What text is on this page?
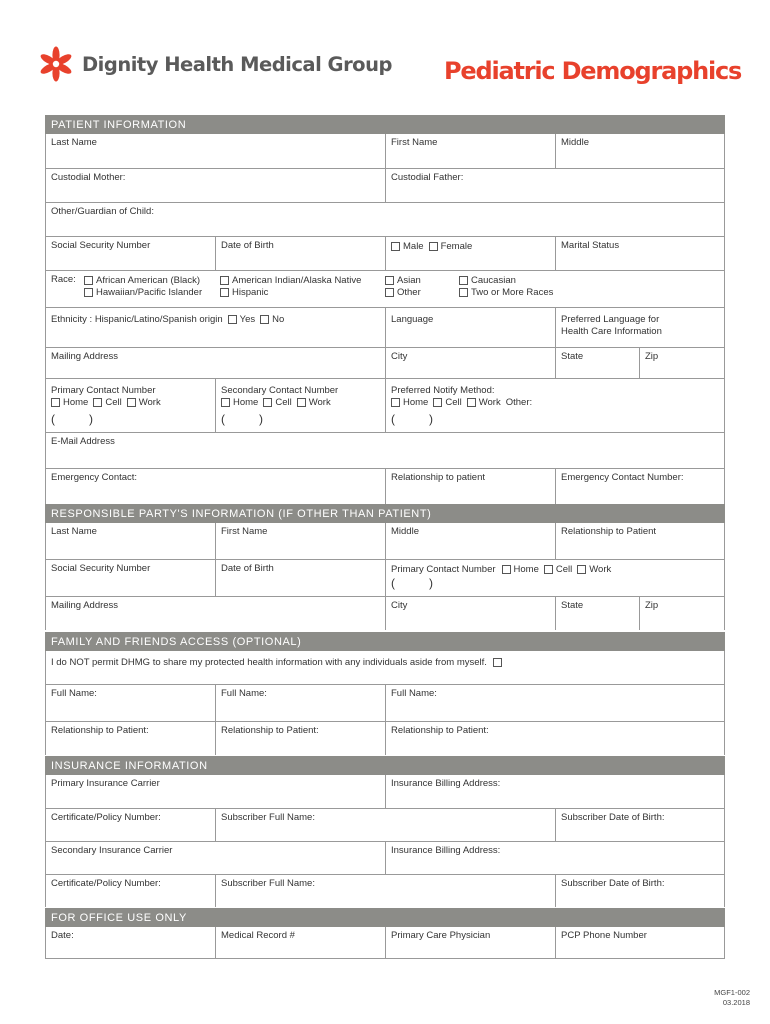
Dignity Health Medical Group Pediatric Demographics
PATIENT INFORMATION
Last Name	First Name	Middle
Custodial Mother:	Custodial Father:
Other/Guardian of Child:
Social Security Number	Date of Birth	Male Female	Marital Status
Race: African American (Black)
Hawaiian/Pacific Islander
American Indian/Alaska Native
Hispanic
Asian
Other
Caucasian
Two or More Races
Ethnicity : Hispanic/Latino/Spanish origin Yes No	Language	Preferred Language for
Health Care Information
Mailing Address	City	State	Zip
Primary Contact Number
Home Cell Work
(	)
Secondary Contact Number
Home Cell Work
(	)
Preferred Notify Method:
Home Cell Work Other:
(	)
E-Mail Address
Emergency Contact:	Relationship to patient	Emergency Contact Number:
RESPONSIBLE PARTY'S INFORMATION (IF OTHER THAN PATIENT)
Last Name	First Name	Middle	Relationship to Patient
Social Security Number	Date of Birth	Primary Contact Number Home Cell Work
(	)
Mailing Address	City	State	Zip
FAMILY AND FRIENDS ACCESS (OPTIONAL)
I do NOT permit DHMG to share my protected health information with any individuals aside from myself.
Full Name:	Full Name:	Full Name:
Relationship to Patient:	Relationship to Patient:	Relationship to Patient:
INSURANCE INFORMATION
Primary Insurance Carrier	Insurance Billing Address:
Certificate/Policy Number:	Subscriber Full Name:	Subscriber Date of Birth:
Secondary Insurance Carrier	Insurance Billing Address:
Certificate/Policy Number:	Subscriber Full Name:	Subscriber Date of Birth:
FOR OFFICE USE ONLY
Date:	Medical Record #	Primary Care Physician	PCP Phone Number
MGF1-002
03.2018
